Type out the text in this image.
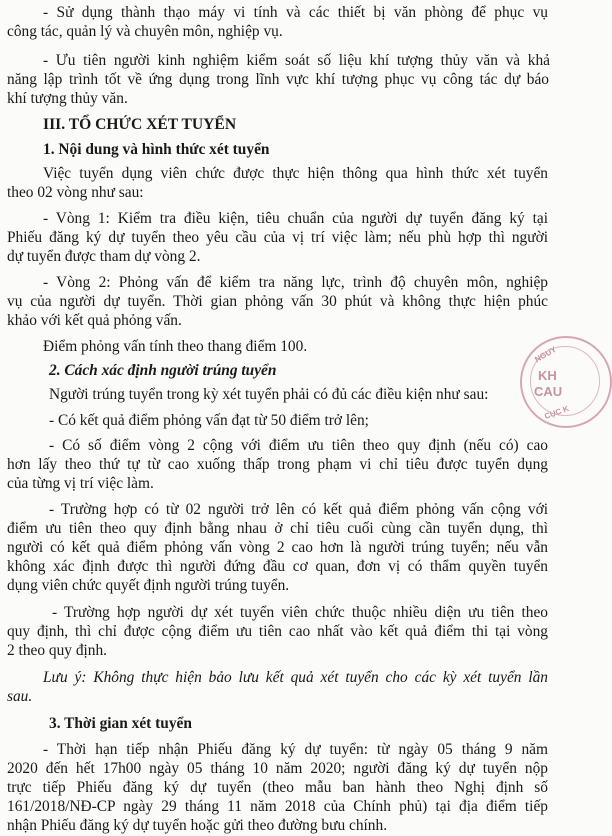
- Sử dụng thành thạo máy vi tính và các thiết bị văn phòng để phục vụ
công tác, quản lý và chuyên môn, nghiệp vụ.
- Ưu tiên người kinh nghiệm kiểm soát số liệu khí tượng thủy văn và khả
năng lập trình tốt về ứng dụng trong lĩnh vực khí tượng phục vụ công tác dự báo
khí tượng thủy văn.
III. TỔ CHỨC XÉT TUYỂN
1. Nội dung và hình thức xét tuyển
Việc tuyển dụng viên chức được thực hiện thông qua hình thức xét tuyển
theo 02 vòng như sau:
- Vòng 1: Kiểm tra điều kiện, tiêu chuẩn của người dự tuyển đăng ký tại
Phiếu đăng ký dự tuyển theo yêu cầu của vị trí việc làm; nếu phù hợp thì người
dự tuyển được tham dự vòng 2.
- Vòng 2: Phỏng vấn để kiểm tra năng lực, trình độ chuyên môn, nghiệp
vụ của người dự tuyển. Thời gian phỏng vấn 30 phút và không thực hiện phúc
khảo với kết quả phỏng vấn.
Điểm phỏng vấn tính theo thang điểm 100.
2. Cách xác định người trúng tuyển
Người trúng tuyển trong kỳ xét tuyển phải có đủ các điều kiện như sau:
- Có kết quả điểm phỏng vấn đạt từ 50 điểm trở lên;
- Có số điểm vòng 2 cộng với điểm ưu tiên theo quy định (nếu có) cao
hơn lấy theo thứ tự từ cao xuống thấp trong phạm vi chỉ tiêu được tuyển dụng
của từng vị trí việc làm.
- Trường hợp có từ 02 người trở lên có kết quả điểm phỏng vấn cộng với
điểm ưu tiên theo quy định bằng nhau ở chỉ tiêu cuối cùng cần tuyển dụng, thì
người có kết quả điểm phỏng vấn vòng 2 cao hơn là người trúng tuyển; nếu vẫn
không xác định được thì người đứng đầu cơ quan, đơn vị có thẩm quyền tuyển
dụng viên chức quyết định người trúng tuyển.
- Trường hợp người dự xét tuyển viên chức thuộc nhiều diện ưu tiên theo
quy định, thì chỉ được cộng điểm ưu tiên cao nhất vào kết quả điểm thi tại vòng
2 theo quy định.
Lưu ý: Không thực hiện bảo lưu kết quả xét tuyển cho các kỳ xét tuyển lần
sau.
3. Thời gian xét tuyển
- Thời hạn tiếp nhận Phiếu đăng ký dự tuyển: từ ngày 05 tháng 9 năm
2020 đến hết 17h00 ngày 05 tháng 10 năm 2020; người đăng ký dự tuyển nộp
trực tiếp Phiếu đăng ký dự tuyển (theo mẫu ban hành theo Nghị định số
161/2018/NĐ-CP ngày 29 tháng 11 năm 2018 của Chính phủ) tại địa điểm tiếp
nhận Phiếu đăng ký dự tuyển hoặc gửi theo đường bưu chính.
NGUY
KH
CAU
CỤC K
